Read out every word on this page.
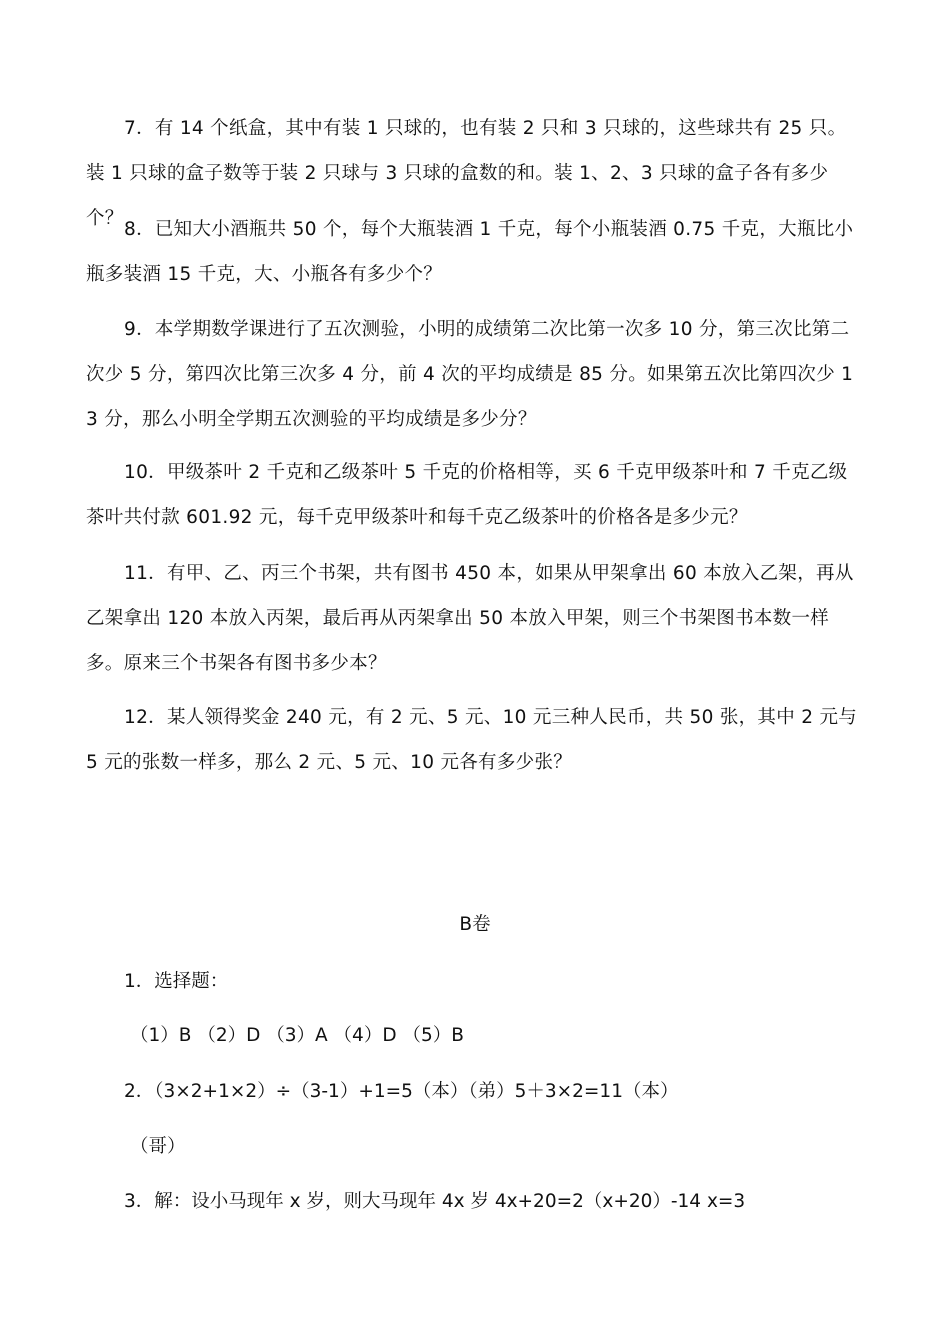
7．有 14 个纸盒，其中有装 1 只球的，也有装 2 只和 3 只球的，这些球共有 25 只。装 1 只球的盒子数等于装 2 只球与 3 只球的盒数的和。装 1、2、3 只球的盒子各有多少个？

8．已知大小酒瓶共 50 个，每个大瓶装酒 1 千克，每个小瓶装酒 0.75 千克，大瓶比小瓶多装酒 15 千克，大、小瓶各有多少个？

9．本学期数学课进行了五次测验，小明的成绩第二次比第一次多 10 分，第三次比第二次少 5 分，第四次比第三次多 4 分，前 4 次的平均成绩是 85 分。如果第五次比第四次少 13 分，那么小明全学期五次测验的平均成绩是多少分？

10．甲级茶叶 2 千克和乙级茶叶 5 千克的价格相等，买 6 千克甲级茶叶和 7 千克乙级茶叶共付款 601.92 元，每千克甲级茶叶和每千克乙级茶叶的价格各是多少元？

11．有甲、乙、丙三个书架，共有图书 450 本，如果从甲架拿出 60 本放入乙架，再从乙架拿出 120 本放入丙架，最后再从丙架拿出 50 本放入甲架，则三个书架图书本数一样多。原来三个书架各有图书多少本？

12．某人领得奖金 240 元，有 2 元、5 元、10 元三种人民币，共 50 张，其中 2 元与 5 元的张数一样多，那么 2 元、5 元、10 元各有多少张？

B卷

1．选择题：

（1）B （2）D （3）A （4）D （5）B

2．（3×2+1×2）÷（3-1）+1=5（本）（弟）5＋3×2=11（本）

（哥）

3．解：设小马现年 x 岁，则大马现年 4x 岁 4x+20=2（x+20）-14 x=3
